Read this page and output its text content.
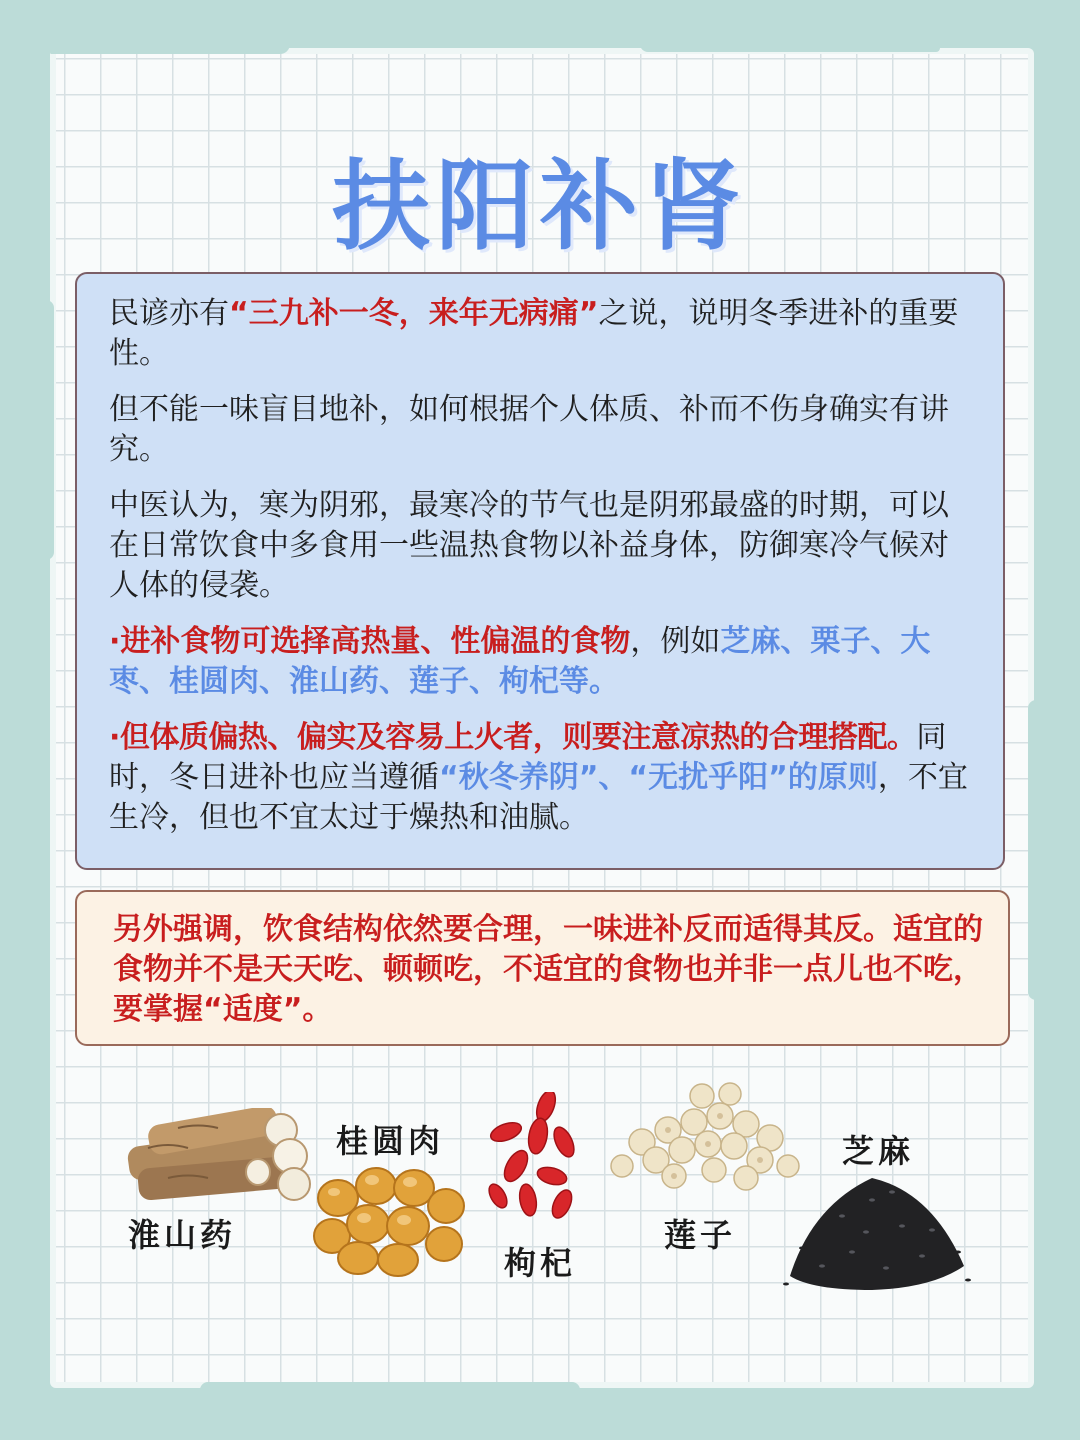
扶阳补肾

民谚亦有“三九补一冬，来年无病痛”之说，说明冬季进补的重要性。

但不能一味盲目地补，如何根据个人体质、补而不伤身确实有讲究。

中医认为，寒为阴邪，最寒冷的节气也是阴邪最盛的时期，可以在日常饮食中多食用一些温热食物以补益身体，防御寒冷气候对人体的侵袭。

·进补食物可选择高热量、性偏温的食物，例如芝麻、栗子、大枣、桂圆肉、淮山药、莲子、枸杞等。

·但体质偏热、偏实及容易上火者，则要注意凉热的合理搭配。同时，冬日进补也应当遵循“秋冬养阴”、“无扰乎阳”的原则，不宜生冷，但也不宜太过于燥热和油腻。

另外强调，饮食结构依然要合理，一味进补反而适得其反。适宜的食物并不是天天吃、顿顿吃，不适宜的食物也并非一点儿也不吃，要掌握“适度”。
淮山药
桂圆肉
枸杞
莲子
芝麻
